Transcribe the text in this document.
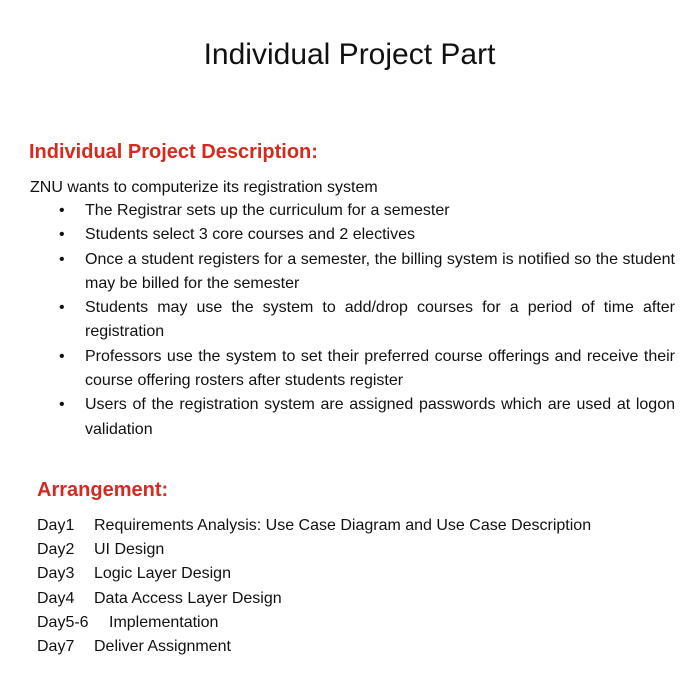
Individual Project Part
Individual Project Description:
ZNU wants to computerize its registration system
• The Registrar sets up the curriculum for a semester
• Students select 3 core courses and 2 electives
• Once a student registers for a semester, the billing system is notified so the student may be billed for the semester
• Students may use the system to add/drop courses for a period of time after registration
• Professors use the system to set their preferred course offerings and receive their course offering rosters after students register
• Users of the registration system are assigned passwords which are used at logon validation
Arrangement:
Day1 Requirements Analysis: Use Case Diagram and Use Case Description
Day2 UI Design
Day3 Logic Layer Design
Day4 Data Access Layer Design
Day5-6 Implementation
Day7 Deliver Assignment
